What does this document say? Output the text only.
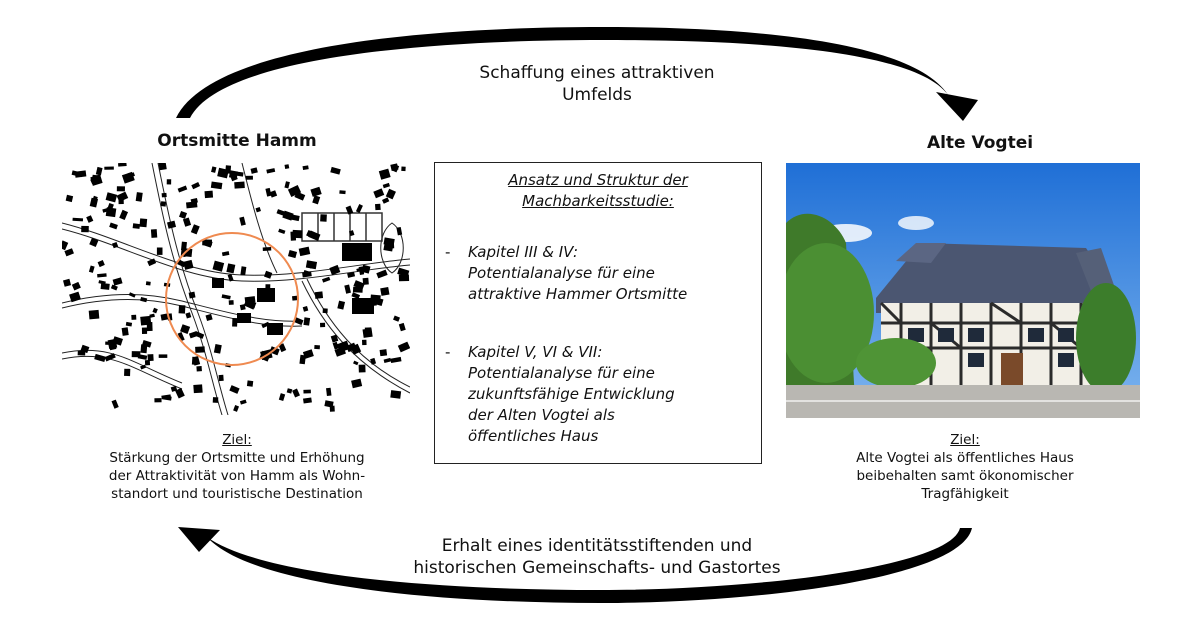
Schaffung eines attraktiven
Umfelds
Ortsmitte Hamm	Alte Vogtei
Ansatz und Struktur der
Machbarkeitsstudie:
-	Kapitel III & IV:
Potentialanalyse für eine
attraktive Hammer Ortsmitte
-	Kapitel V, VI & VII:
Potentialanalyse für eine
zukunftsfähige Entwicklung
der Alten Vogtei als
öffentliches Haus
Ziel:
Stärkung der Ortsmitte und Erhöhung
der Attraktivität von Hamm als Wohn-
standort und touristische Destination
Ziel:
Alte Vogtei als öffentliches Haus
beibehalten samt ökonomischer
Tragfähigkeit
Erhalt eines identitätsstiftenden und
historischen Gemeinschafts- und Gastortes
